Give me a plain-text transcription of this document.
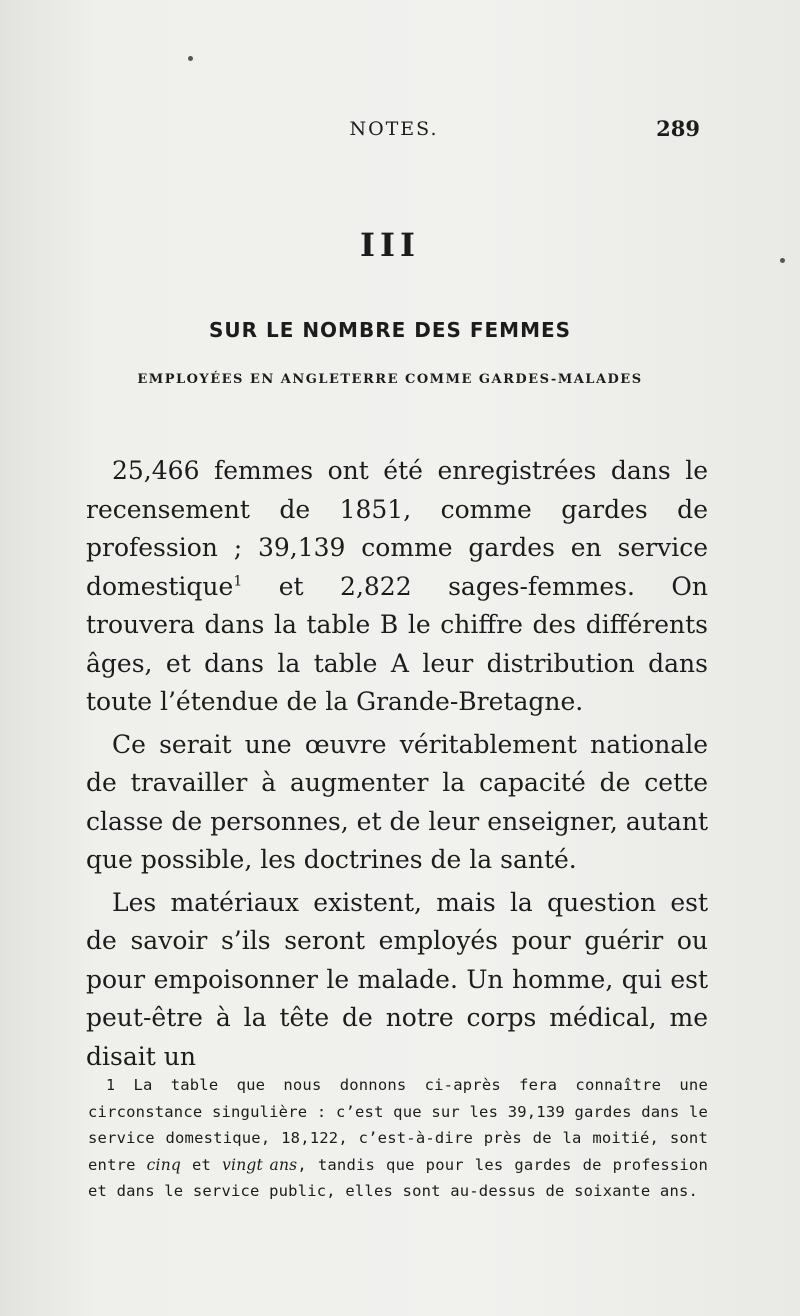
NOTES.	289
III
SUR LE NOMBRE DES FEMMES
EMPLOYÉES EN ANGLETERRE COMME GARDES-MALADES

25,466 femmes ont été enregistrées dans le recensement de 1851, comme gardes de profession ; 39,139 comme gardes en service domestique$^1$ et 2,822 sages-femmes. On trouvera dans la table B le chiffre des différents âges, et dans la table A leur distribution dans toute l’étendue de la Grande-Bretagne.

Ce serait une œuvre véritablement nationale de travailler à augmenter la capacité de cette classe de personnes, et de leur enseigner, autant que possible, les doctrines de la santé.

Les matériaux existent, mais la question est de savoir s’ils seront employés pour guérir ou pour empoisonner le malade. Un homme, qui est peut-être à la tête de notre corps médical, me disait un

1 La table que nous donnons ci-après fera connaître une circonstance singulière : c’est que sur les 39,139 gardes dans le service domestique, 18,122, c’est-à-dire près de la moitié, sont entre cinq et vingt ans, tandis que pour les gardes de profession et dans le service public, elles sont au-dessus de soixante ans.
